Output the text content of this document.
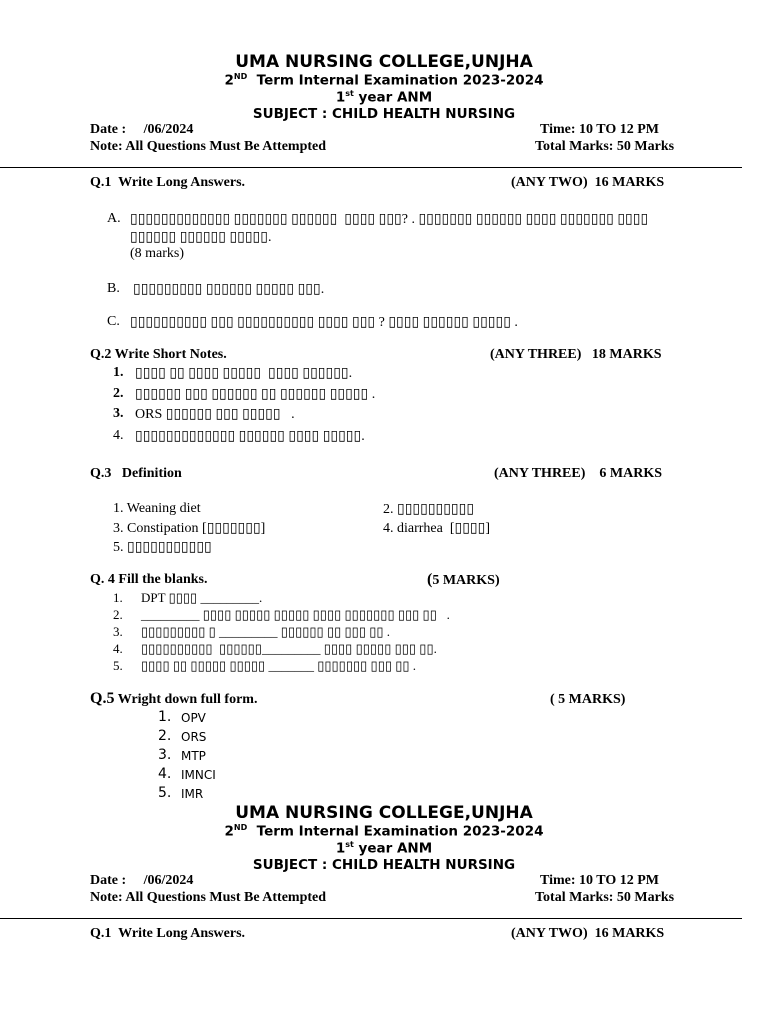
UMA NURSING COLLEGE,UNJHA
2ND  Term Internal Examination 2023-2024
1st year ANM
SUBJECT : CHILD HEALTH NURSING
Date :     /06/2024	Time: 10 TO 12 PM
Note: All Questions Must Be Attempted	Total Marks: 50 Marks
Q.1  Write Long Answers.	(ANY TWO)  16 MARKS
A. ▯▯▯▯▯▯▯▯▯▯▯▯▯ ▯▯▯▯▯▯▯ ▯▯▯▯▯▯  ▯▯▯▯ ▯▯▯? . ▯▯▯▯▯▯▯ ▯▯▯▯▯▯ ▯▯▯▯ ▯▯▯▯▯▯▯ ▯▯▯▯
▯▯▯▯▯▯ ▯▯▯▯▯▯ ▯▯▯▯▯.
(8 marks)
B. ▯▯▯▯▯▯▯▯▯ ▯▯▯▯▯▯ ▯▯▯▯▯ ▯▯▯.
C. ▯▯▯▯▯▯▯▯▯▯ ▯▯▯ ▯▯▯▯▯▯▯▯▯▯ ▯▯▯▯ ▯▯▯ ? ▯▯▯▯ ▯▯▯▯▯▯ ▯▯▯▯▯ .
Q.2 Write Short Notes.	(ANY THREE)   18 MARKS
1. ▯▯▯▯ ▯▯ ▯▯▯▯ ▯▯▯▯▯  ▯▯▯▯ ▯▯▯▯▯▯.
2. ▯▯▯▯▯▯ ▯▯▯ ▯▯▯▯▯▯ ▯▯ ▯▯▯▯▯▯ ▯▯▯▯▯ .
3. ORS ▯▯▯▯▯▯ ▯▯▯ ▯▯▯▯▯   .
4. ▯▯▯▯▯▯▯▯▯▯▯▯▯ ▯▯▯▯▯▯ ▯▯▯▯ ▯▯▯▯▯.
Q.3   Definition	(ANY THREE)    6 MARKS
1. Weaning diet	2. ▯▯▯▯▯▯▯▯▯▯
3. Constipation [▯▯▯▯▯▯▯]	4. diarrhea  [▯▯▯▯]
5. ▯▯▯▯▯▯▯▯▯▯▯
Q. 4 Fill the blanks.	(5 MARKS)
1. DPT ▯▯▯▯ _________.
2. _________ ▯▯▯▯ ▯▯▯▯▯ ▯▯▯▯▯ ▯▯▯▯ ▯▯▯▯▯▯▯ ▯▯▯ ▯▯   .
3. ▯▯▯▯▯▯▯▯▯ ▯ _________ ▯▯▯▯▯▯ ▯▯ ▯▯▯ ▯▯ .
4. ▯▯▯▯▯▯▯▯▯▯  ▯▯▯▯▯▯_________ ▯▯▯▯ ▯▯▯▯▯ ▯▯▯ ▯▯.
5. ▯▯▯▯ ▯▯ ▯▯▯▯▯ ▯▯▯▯▯ _______ ▯▯▯▯▯▯▯ ▯▯▯ ▯▯ .
Q.5 Wright down full form.	( 5 MARKS)
1. OPV
2. ORS
3. MTP
4. IMNCI
5. IMR
UMA NURSING COLLEGE,UNJHA
2ND  Term Internal Examination 2023-2024
1st year ANM
SUBJECT : CHILD HEALTH NURSING
Date :     /06/2024	Time: 10 TO 12 PM
Note: All Questions Must Be Attempted	Total Marks: 50 Marks
Q.1  Write Long Answers.	(ANY TWO)  16 MARKS
